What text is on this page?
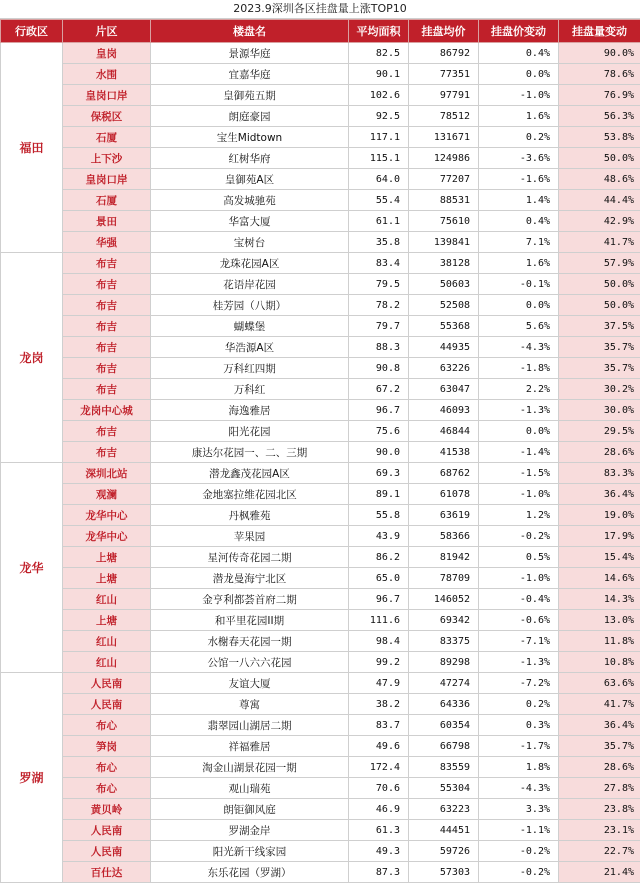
2023.9深圳各区挂盘量上涨TOP10
行政区	片区	楼盘名	平均面积	挂盘均价	挂盘价变动	挂盘量变动
福田	皇岗	景源华庭	82.5	86792	0.4%	90.0%
	水围	宜嘉华庭	90.1	77351	0.0%	78.6%
	皇岗口岸	皇御苑五期	102.6	97791	-1.0%	76.9%
	保税区	朗庭豪园	92.5	78512	1.6%	56.3%
	石厦	宝生Midtown	117.1	131671	0.2%	53.8%
	上下沙	红树华府	115.1	124986	-3.6%	50.0%
	皇岗口岸	皇御苑A区	64.0	77207	-1.6%	48.6%
	石厦	高发城驰苑	55.4	88531	1.4%	44.4%
	景田	华富大厦	61.1	75610	0.4%	42.9%
	华强	宝树台	35.8	139841	7.1%	41.7%
龙岗	布吉	龙珠花园A区	83.4	38128	1.6%	57.9%
	布吉	花语岸花园	79.5	50603	-0.1%	50.0%
	布吉	桂芳园（八期）	78.2	52508	0.0%	50.0%
	布吉	蝴蝶堡	79.7	55368	5.6%	37.5%
	布吉	华浩源A区	88.3	44935	-4.3%	35.7%
	布吉	万科红四期	90.8	63226	-1.8%	35.7%
	布吉	万科红	67.2	63047	2.2%	30.2%
	龙岗中心城	海逸雅居	96.7	46093	-1.3%	30.0%
	布吉	阳光花园	75.6	46844	0.0%	29.5%
	布吉	康达尔花园一、二、三期	90.0	41538	-1.4%	28.6%
龙华	深圳北站	潜龙鑫茂花园A区	69.3	68762	-1.5%	83.3%
	观澜	金地塞拉维花园北区	89.1	61078	-1.0%	36.4%
	龙华中心	丹枫雅苑	55.8	63619	1.2%	19.0%
	龙华中心	苹果园	43.9	58366	-0.2%	17.9%
	上塘	星河传奇花园二期	86.2	81942	0.5%	15.4%
	上塘	潜龙曼海宁北区	65.0	78709	-1.0%	14.6%
	红山	金亨利都荟首府二期	96.7	146052	-0.4%	14.3%
	上塘	和平里花园II期	111.6	69342	-0.6%	13.0%
	红山	水榭春天花园一期	98.4	83375	-7.1%	11.8%
	红山	公馆一八六六花园	99.2	89298	-1.3%	10.8%
罗湖	人民南	友谊大厦	47.9	47274	-7.2%	63.6%
	人民南	尊寓	38.2	64336	0.2%	41.7%
	布心	翡翠园山湖居二期	83.7	60354	0.3%	36.4%
	笋岗	祥福雅居	49.6	66798	-1.7%	35.7%
	布心	淘金山湖景花园一期	172.4	83559	1.8%	28.6%
	布心	观山瑞苑	70.6	55304	-4.3%	27.8%
	黄贝岭	朗钜御风庭	46.9	63223	3.3%	23.8%
	人民南	罗湖金岸	61.3	44451	-1.1%	23.1%
	人民南	阳光新干线家园	49.3	59726	-0.2%	22.7%
	百仕达	东乐花园（罗湖）	87.3	57303	-0.2%	21.4%
